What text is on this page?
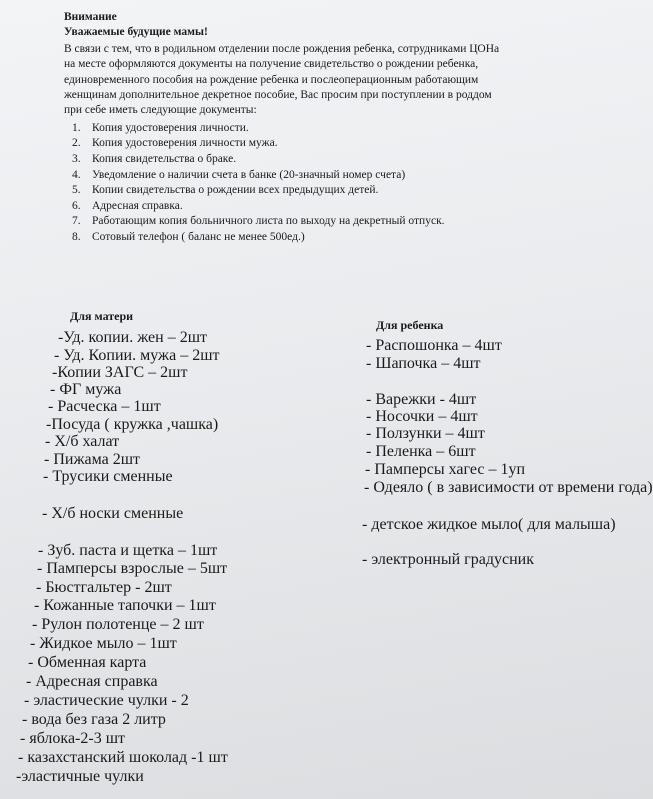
Внимание
Уважаемые будущие мамы!
В связи с тем, что в родильном отделении после рождения ребенка, сотрудниками ЦОНа
на месте оформляются документы на получение свидетельство о рождении ребенка,
единовременного пособия на рождение ребенка и послеоперационным работающим
женщинам дополнительное декретное пособие, Вас просим при поступлении в роддом
при себе иметь следующие документы:
1. Копия удостоверения личности.
2. Копия удостоверения личности мужа.
3. Копия свидетельства о браке.
4. Уведомление о наличии счета в банке (20-значный номер счета)
5. Копии свидетельства о рождении всех предыдущих детей.
6. Адресная справка.
7. Работающим копия больничного листа по выходу на декретный отпуск.
8. Сотовый телефон ( баланс не менее 500ед.)
Для матери
-Уд. копии. жен – 2шт
- Уд. Копии. мужа – 2шт
-Копии ЗАГС – 2шт
- ФГ мужа
- Расческа – 1шт
-Посуда ( кружка ,чашка)
- Х/б халат
- Пижама 2шт
- Трусики сменные
- Х/б носки сменные
- Зуб. паста и щетка – 1шт
- Памперсы взрослые – 5шт
- Бюстгальтер - 2шт
- Кожанные тапочки – 1шт
- Рулон полотенце – 2 шт
- Жидкое мыло – 1шт
- Обменная карта
- Адресная справка
- эластические чулки - 2
- вода без газа 2 литр
- яблока-2-3 шт
- казахстанский шоколад -1 шт
-эластичные чулки
Для ребенка
- Распошонка – 4шт
- Шапочка – 4шт
- Варежки - 4шт
- Носочки – 4шт
- Ползунки – 4шт
- Пеленка – 6шт
- Памперсы хагес – 1уп
- Одеяло ( в зависимости от времени года)
- детское жидкое мыло( для малышa)
- электронный градусник
